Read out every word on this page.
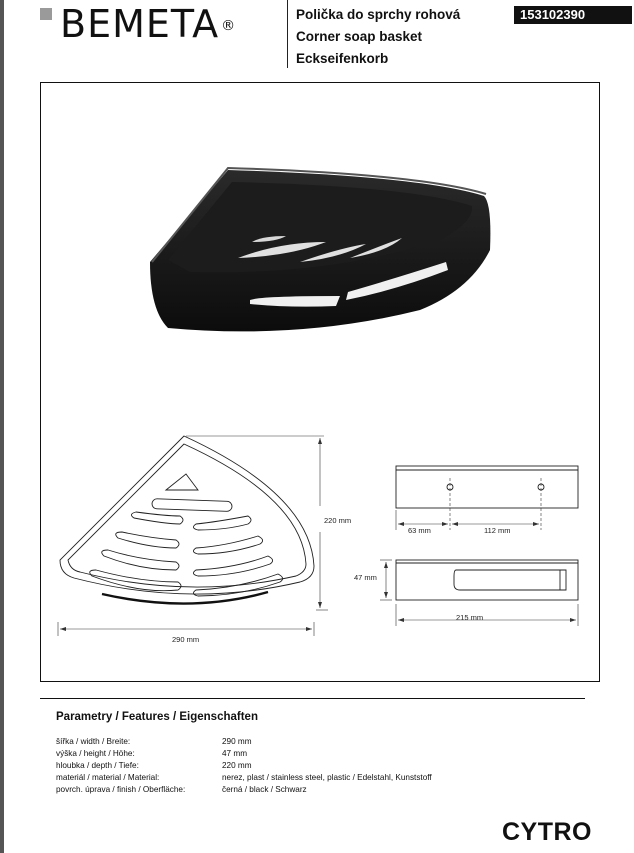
BEMETA ®
Polička do sprchy rohová
Corner soap basket
Eckseifenkorb
153102390
220 mm
290 mm
63 mm	112 mm
47 mm
215 mm
Parametry / Features / Eigenschaften
šířka / width / Breite:	290 mm
výška / height / Höhe:	47 mm
hloubka / depth / Tiefe:	220 mm
materiál / material / Material:	nerez, plast / stainless steel, plastic / Edelstahl, Kunststoff
povrch. úprava / finish / Oberfläche:	černá / black / Schwarz
CYTRO
